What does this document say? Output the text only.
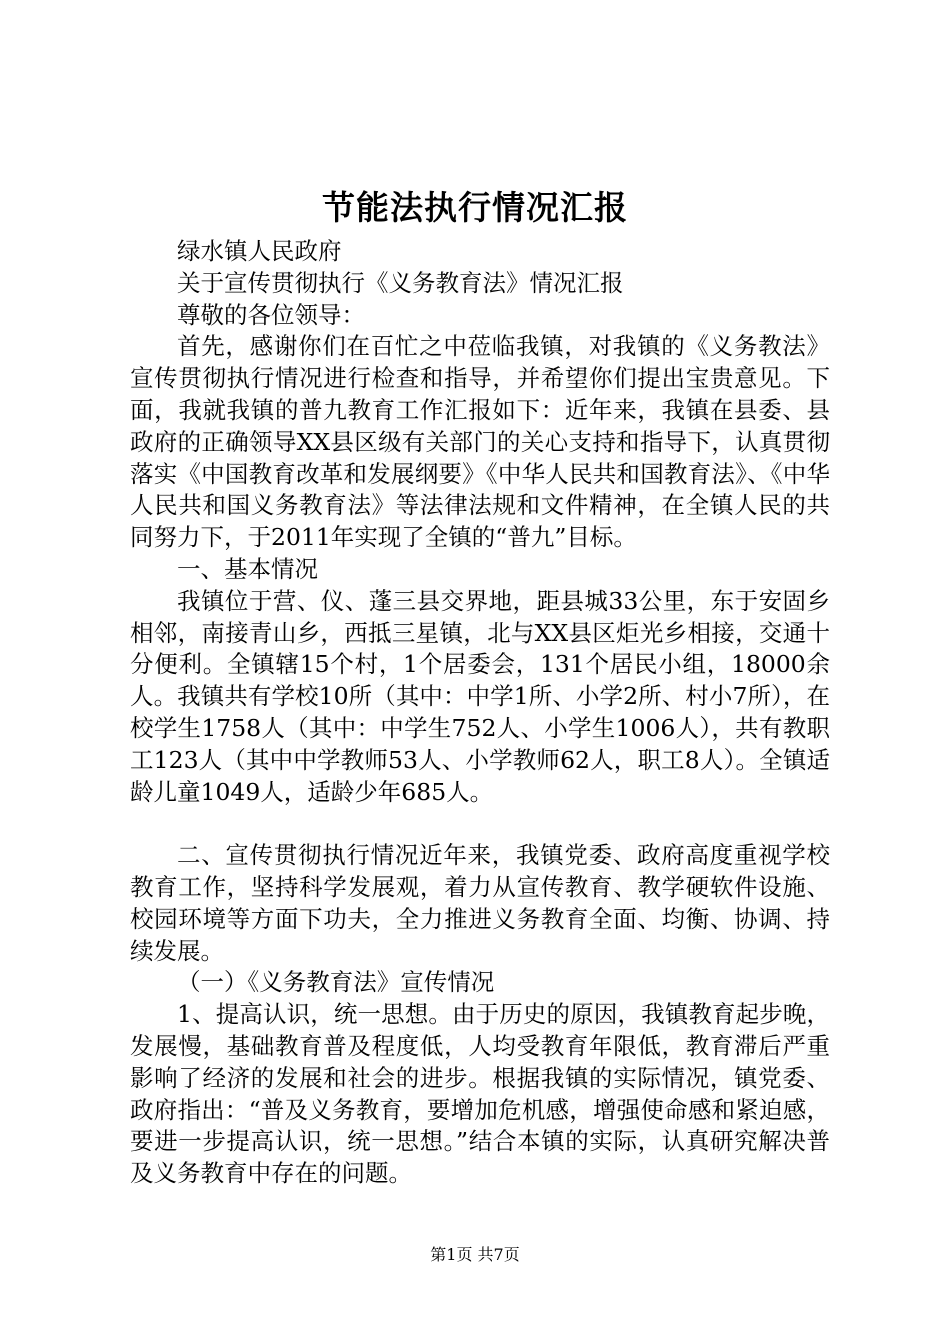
节能法执行情况汇报

绿水镇人民政府

关于宣传贯彻执行《义务教育法》情况汇报

尊敬的各位领导：

首先，感谢你们在百忙之中莅临我镇，对我镇的《义务教法》宣传贯彻执行情况进行检查和指导，并希望你们提出宝贵意见。下面，我就我镇的普九教育工作汇报如下：近年来，我镇在县委、县政府的正确领导XX县区级有关部门的关心支持和指导下，认真贯彻落实《中国教育改革和发展纲要》《中华人民共和国教育法》、《中华人民共和国义务教育法》等法律法规和文件精神，在全镇人民的共同努力下，于2011年实现了全镇的“普九”目标。

一、基本情况

我镇位于营、仪、蓬三县交界地，距县城33公里，东于安固乡相邻，南接青山乡，西抵三星镇，北与XX县区炬光乡相接，交通十分便利。全镇辖15个村，1个居委会，131个居民小组，18000余人。我镇共有学校10所（其中：中学1所、小学2所、村小7所），在校学生1758人（其中：中学生752人、小学生1006人），共有教职工123人（其中中学教师53人、小学教师62人，职工8人）。全镇适龄儿童1049人，适龄少年685人。

二、宣传贯彻执行情况近年来，我镇党委、政府高度重视学校教育工作，坚持科学发展观，着力从宣传教育、教学硬软件设施、校园环境等方面下功夫，全力推进义务教育全面、均衡、协调、持续发展。

（一）《义务教育法》宣传情况

1、提高认识，统一思想。由于历史的原因，我镇教育起步晚，发展慢，基础教育普及程度低，人均受教育年限低，教育滞后严重影响了经济的发展和社会的进步。根据我镇的实际情况，镇党委、政府指出：“普及义务教育，要增加危机感，增强使命感和紧迫感，要进一步提高认识，统一思想。”结合本镇的实际，认真研究解决普及义务教育中存在的问题。

第1页 共7页
